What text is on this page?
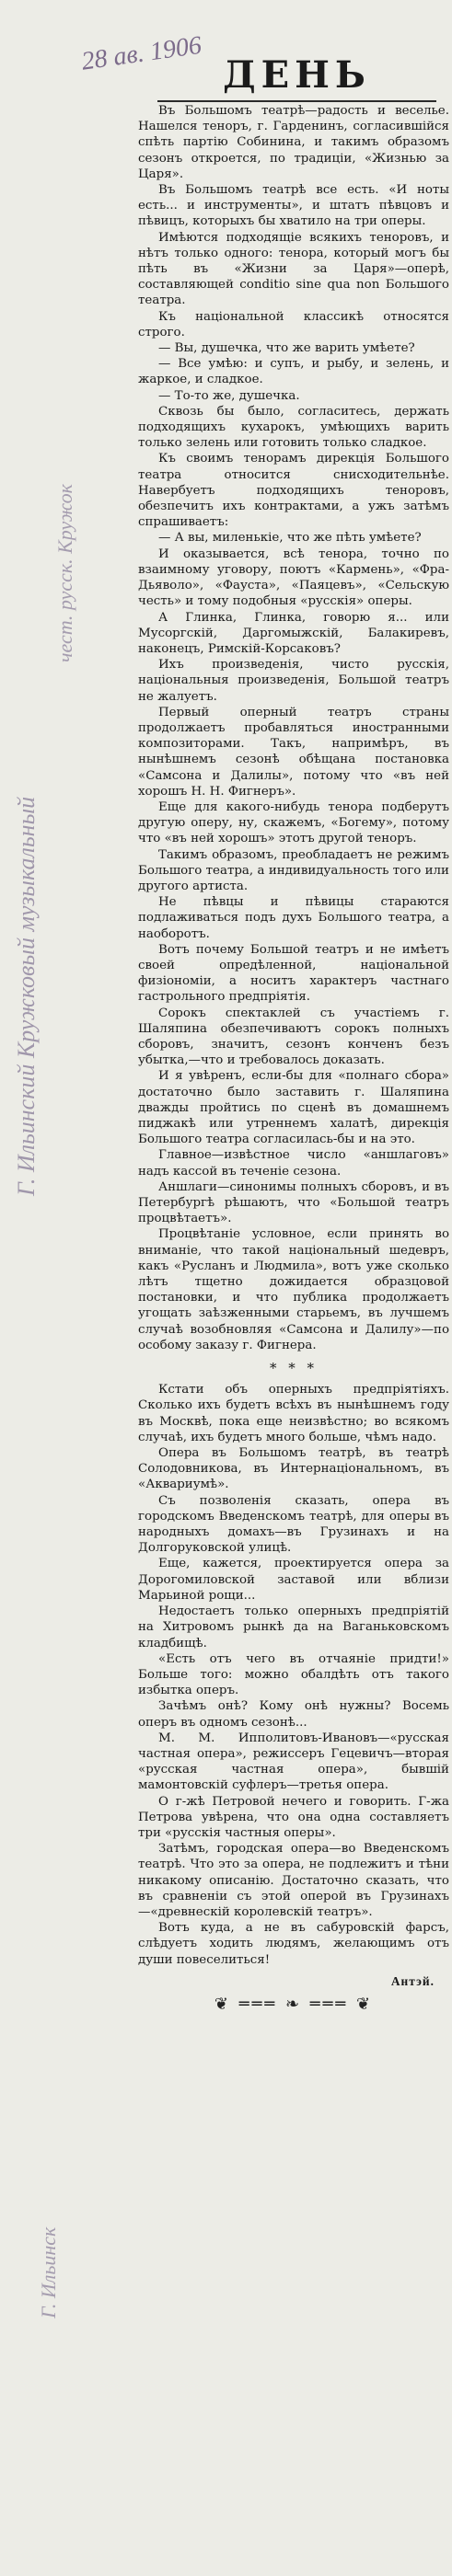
28 ав. 1906
Г. Ильинский Кружковый музыкальный
чест. русск. Кружок
Г. Ильинск
ДЕНЬ

Въ Большомъ театрѣ—радость и веселье. Нашелся теноръ, г. Гарденинъ, согласившійся спѣть партію Собинина, и такимъ образомъ сезонъ откроется, по традиціи, «Жизнью за Царя».

Въ Большомъ театрѣ все есть. «И ноты есть... и инструменты», и штатъ пѣвцовъ и пѣвицъ, которыхъ бы хватило на три оперы.

Имѣются подходящіе всякихъ теноровъ, и нѣтъ только одного: тенора, который могъ бы пѣть въ «Жизни за Царя»—оперѣ, составляющей conditio sine qua non Большого театра.

Къ національной классикѣ относятся строго.

— Вы, душечка, что же варить умѣете?

— Все умѣю: и супъ, и рыбу, и зелень, и жаркое, и сладкое.

— То-то же, душечка.

Сквозь бы было, согласитесь, держать подходящихъ кухарокъ, умѣющихъ варить только зелень или готовить только сладкое.

Къ своимъ тенорамъ дирекція Большого театра относится снисходительнѣе. Навербуетъ подходящихъ теноровъ, обезпечитъ ихъ контрактами, а ужъ затѣмъ спрашиваетъ:

— А вы, миленькіе, что же пѣть умѣете?

И оказывается, всѣ тенора, точно по взаимному уговору, поютъ «Кармень», «Фра-Дьяволо», «Фауста», «Паяцевъ», «Сельскую честь» и тому подобныя «русскія» оперы.

А Глинка, Глинка, говорю я... или Мусоргскій, Даргомыжскій, Балакиревъ, наконецъ, Римскій-Корсаковъ?

Ихъ произведенія, чисто русскія, національныя произведенія, Большой театръ не жалуетъ.

Первый оперный театръ страны продолжаетъ пробавляться иностранными композиторами. Такъ, напримѣръ, въ нынѣшнемъ сезонѣ обѣщана постановка «Самсона и Далилы», потому что «въ ней хорошъ Н. Н. Фигнеръ».

Еще для какого-нибудь тенора подберутъ другую оперу, ну, скажемъ, «Богему», потому что «въ ней хорошъ» этотъ другой теноръ.

Такимъ образомъ, преобладаетъ не режимъ Большого театра, а индивидуальность того или другого артиста.

Не пѣвцы и пѣвицы стараются подлаживаться подъ духъ Большого театра, а наоборотъ.

Вотъ почему Большой театръ и не имѣетъ своей опредѣленной, національной физіономіи, а носитъ характеръ частнаго гастрольного предпріятія.

Сорокъ спектаклей съ участіемъ г. Шаляпина обезпечиваютъ сорокъ полныхъ сборовъ, значитъ, сезонъ конченъ безъ убытка,—что и требовалось доказать.

И я увѣренъ, если-бы для «полнаго сбора» достаточно было заставить г. Шаляпина дважды пройтись по сценѣ въ домашнемъ пиджакѣ или утреннемъ халатѣ, дирекція Большого театра согласилась-бы и на это.

Главное—извѣстное число «аншлаговъ» надъ кассой въ теченіе сезона.

Аншлаги—синонимы полныхъ сборовъ, и въ Петербургѣ рѣшаютъ, что «Большой театръ процвѣтаетъ».

Процвѣтаніе условное, если принять во вниманіе, что такой національный шедевръ, какъ «Русланъ и Людмила», вотъ уже сколько лѣтъ тщетно дожидается образцовой постановки, и что публика продолжаетъ угощать заѣзженными старьемъ, въ лучшемъ случаѣ возобновляя «Самсона и Далилу»—по особому заказу г. Фигнера.

* * *

Кстати объ оперныхъ предпріятіяхъ. Сколько ихъ будетъ всѣхъ въ нынѣшнемъ году въ Москвѣ, пока еще неизвѣстно; во всякомъ случаѣ, ихъ будетъ много больше, чѣмъ надо.

Опера въ Большомъ театрѣ, въ театрѣ Солодовникова, въ Интернаціональномъ, въ «Аквариумѣ».

Съ позволенія сказать, опера въ городскомъ Введенскомъ театрѣ, для оперы въ народныхъ домахъ—въ Грузинахъ и на Долгоруковской улицѣ.

Еще, кажется, проектируется опера за Дорогомиловской заставой или вблизи Марьиной рощи...

Недостаетъ только оперныхъ предпріятій на Хитровомъ рынкѣ да на Ваганьковскомъ кладбищѣ.

«Есть отъ чего въ отчаяніе придти!» Больше того: можно обалдѣть отъ такого избытка оперъ.

Зачѣмъ онѣ? Кому онѣ нужны? Восемь оперъ въ одномъ сезонѣ...

М. М. Ипполитовъ-Ивановъ—«русская частная опера», режиссеръ Гецевичъ—вторая «русская частная опера», бывшій мамонтовскій суфлеръ—третья опера.

О г-жѣ Петровой нечего и говорить. Г-жа Петрова увѣрена, что она одна составляетъ три «русскія частныя оперы».

Затѣмъ, городская опера—во Введенскомъ театрѣ. Что это за опера, не подлежитъ и тѣни никакому описанію. Достаточно сказать, что въ сравненіи съ этой оперой въ Грузинахъ—«древнескій королевскій театръ».

Вотъ куда, а не въ сабуровскій фарсъ, слѣдуетъ ходить людямъ, желающимъ отъ души повеселиться!

Антэй.
❦ ═══ ❧ ═══ ❦
